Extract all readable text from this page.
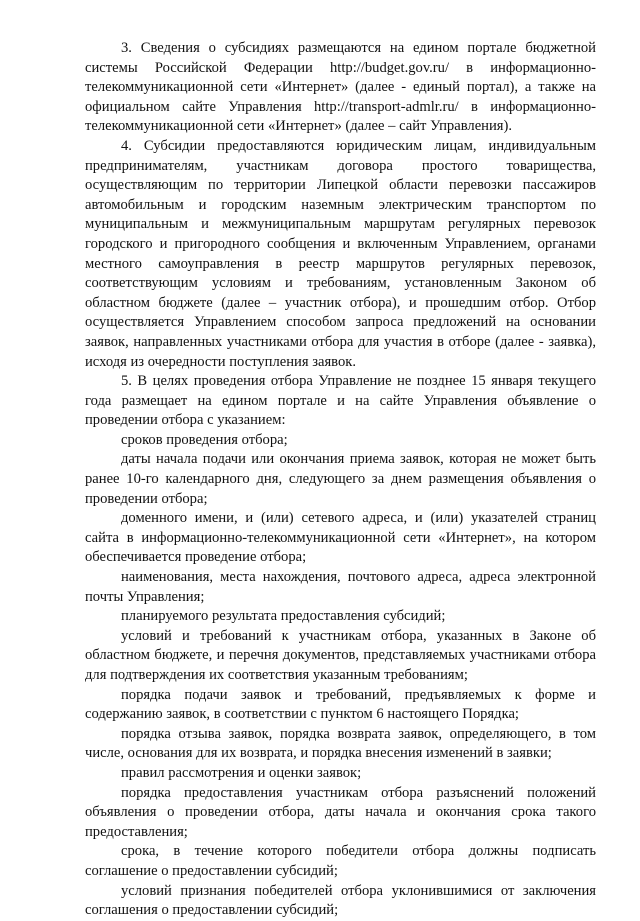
3. Сведения о субсидиях размещаются на едином портале бюджетной системы Российской Федерации http://budget.gov.ru/ в информационно-телекоммуникационной сети «Интернет» (далее - единый портал), а также на официальном сайте Управления http://transport-admlr.ru/ в информационно-телекоммуникационной сети «Интернет» (далее – сайт Управления).

4. Субсидии предоставляются юридическим лицам, индивидуальным предпринимателям, участникам договора простого товарищества, осуществляющим по территории Липецкой области перевозки пассажиров автомобильным и городским наземным электрическим транспортом по муниципальным и межмуниципальным маршрутам регулярных перевозок городского и пригородного сообщения и включенным Управлением, органами местного самоуправления в реестр маршрутов регулярных перевозок, соответствующим условиям и требованиям, установленным Законом об областном бюджете (далее – участник отбора), и прошедшим отбор. Отбор осуществляется Управлением способом запроса предложений на основании заявок, направленных участниками отбора для участия в отборе (далее - заявка), исходя из очередности поступления заявок.

5. В целях проведения отбора Управление не позднее 15 января текущего года размещает на едином портале и на сайте Управления объявление о проведении отбора с указанием:

сроков проведения отбора;

даты начала подачи или окончания приема заявок, которая не может быть ранее 10-го календарного дня, следующего за днем размещения объявления о проведении отбора;

доменного имени, и (или) сетевого адреса, и (или) указателей страниц сайта в информационно-телекоммуникационной сети «Интернет», на котором обеспечивается проведение отбора;

наименования, места нахождения, почтового адреса, адреса электронной почты Управления;

планируемого результата предоставления субсидий;

условий и требований к участникам отбора, указанных в Законе об областном бюджете, и перечня документов, представляемых участниками отбора для подтверждения их соответствия указанным требованиям;

порядка подачи заявок и требований, предъявляемых к форме и содержанию заявок, в соответствии с пунктом 6 настоящего Порядка;

порядка отзыва заявок, порядка возврата заявок, определяющего, в том числе, основания для их возврата, и порядка внесения изменений в заявки;

правил рассмотрения и оценки заявок;

порядка предоставления участникам отбора разъяснений положений объявления о проведении отбора, даты начала и окончания срока такого предоставления;

срока, в течение которого победители отбора должны подписать соглашение о предоставлении субсидий;

условий признания победителей отбора уклонившимися от заключения соглашения о предоставлении субсидий;
